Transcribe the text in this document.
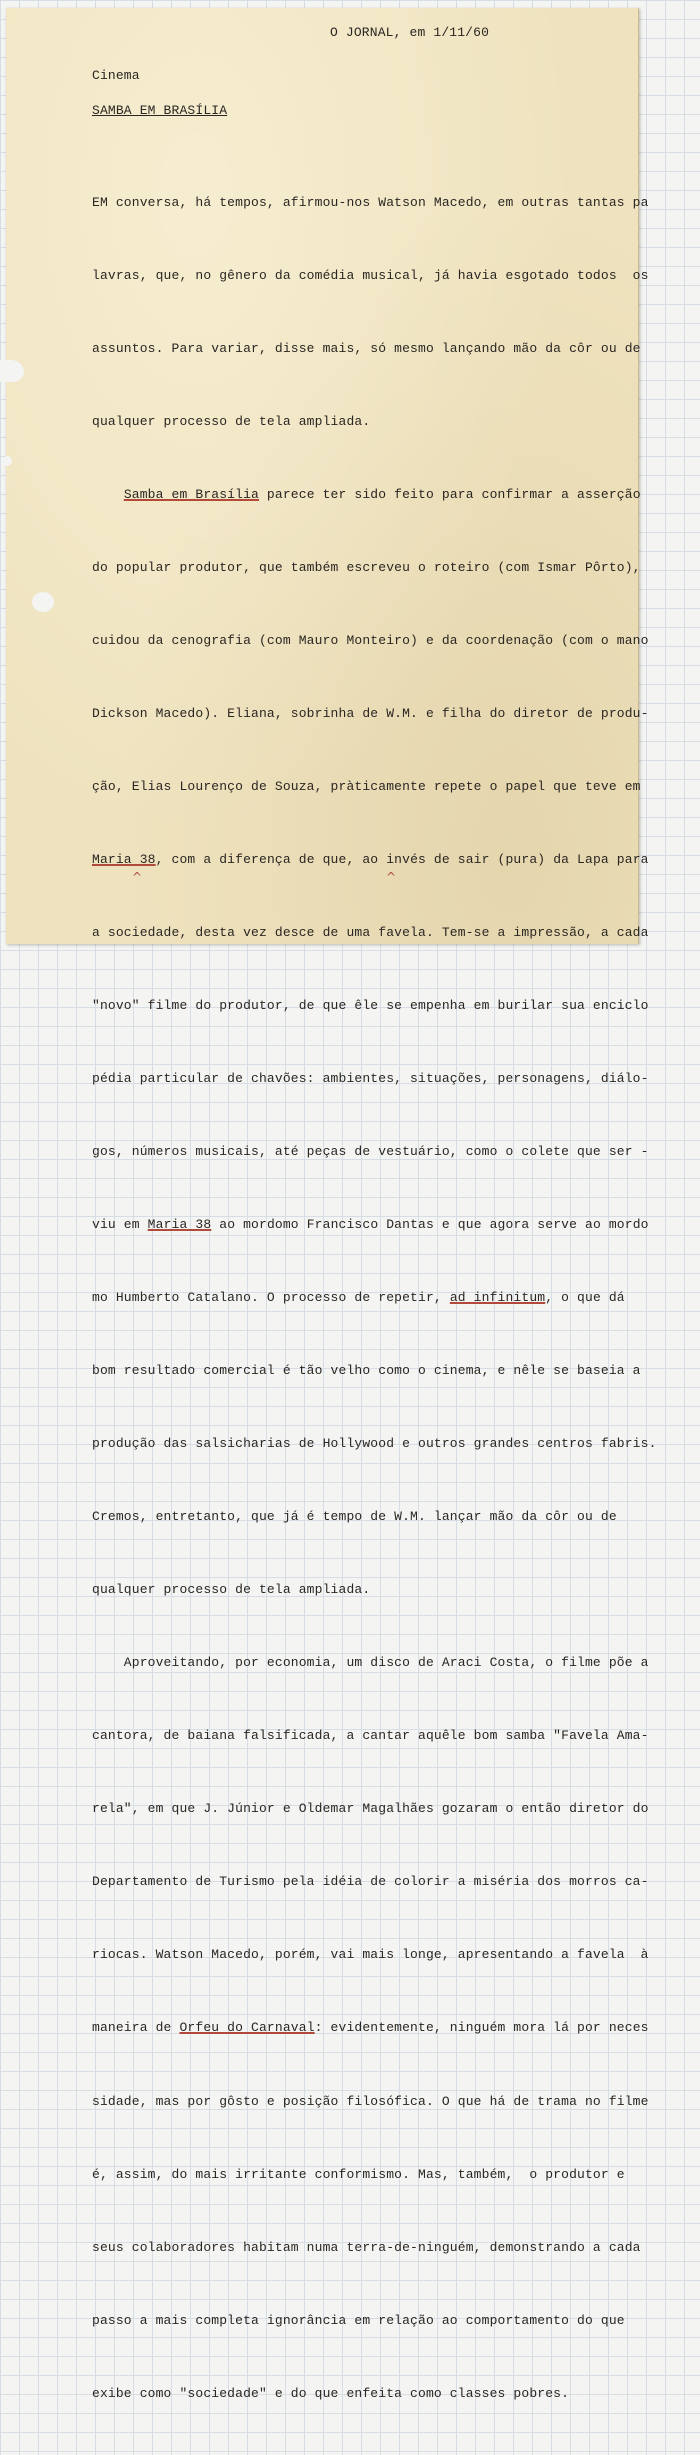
O JORNAL, em 1/11/60
Cinema
SAMBA EM BRASÍLIA

EM conversa, há tempos, afirmou-nos Watson Macedo, em outras tantas pa

lavras, que, no gênero da comédia musical, já havia esgotado todos  os

assuntos. Para variar, disse mais, só mesmo lançando mão da côr ou de

qualquer processo de tela ampliada.

Samba em Brasília parece ter sido feito para confirmar a asserção

do popular produtor, que também escreveu o roteiro (com Ismar Pôrto),

cuidou da cenografia (com Mauro Monteiro) e da coordenação (com o mano

Dickson Macedo). Eliana, sobrinha de W.M. e filha do diretor de produ-

ção, Elias Lourenço de Souza, pràticamente repete o papel que teve em

Maria 38, com a diferença de que, ao invés de sair (pura) da Lapa para

a sociedade, desta vez desce de uma favela. Tem-se a impressão, a cada

"novo" filme do produtor, de que êle se empenha em burilar sua enciclo

pédia particular de chavões: ambientes, situações, personagens, diálo-

gos, números musicais, até peças de vestuário, como o colete que ser -

viu em Maria 38 ao mordomo Francisco Dantas e que agora serve ao mordo

mo Humberto Catalano. O processo de repetir, ad infinitum, o que dá

bom resultado comercial é tão velho como o cinema, e nêle se baseia a

produção das salsicharias de Hollywood e outros grandes centros fabris.

Cremos, entretanto, que já é tempo de W.M. lançar mão da côr ou de

qualquer processo de tela ampliada.

Aproveitando, por economia, um disco de Araci Costa, o filme põe a

cantora, de baiana falsificada, a cantar aquêle bom samba "Favela Ama-

rela", em que J. Júnior e Oldemar Magalhães gozaram o então diretor do

Departamento de Turismo pela idéia de colorir a miséria dos morros ca-

riocas. Watson Macedo, porém, vai mais longe, apresentando a favela  à

maneira de Orfeu do Carnaval: evidentemente, ninguém mora lá por neces

sidade, mas por gôsto e posição filosófica. O que há de trama no filme

é, assim, do mais irritante conformismo. Mas, também,  o produtor e

seus colaboradores habitam numa terra-de-ninguém, demonstrando a cada

passo a mais completa ignorância em relação ao comportamento do que

exibe como "sociedade" e do que enfeita como classes pobres.

^	^
